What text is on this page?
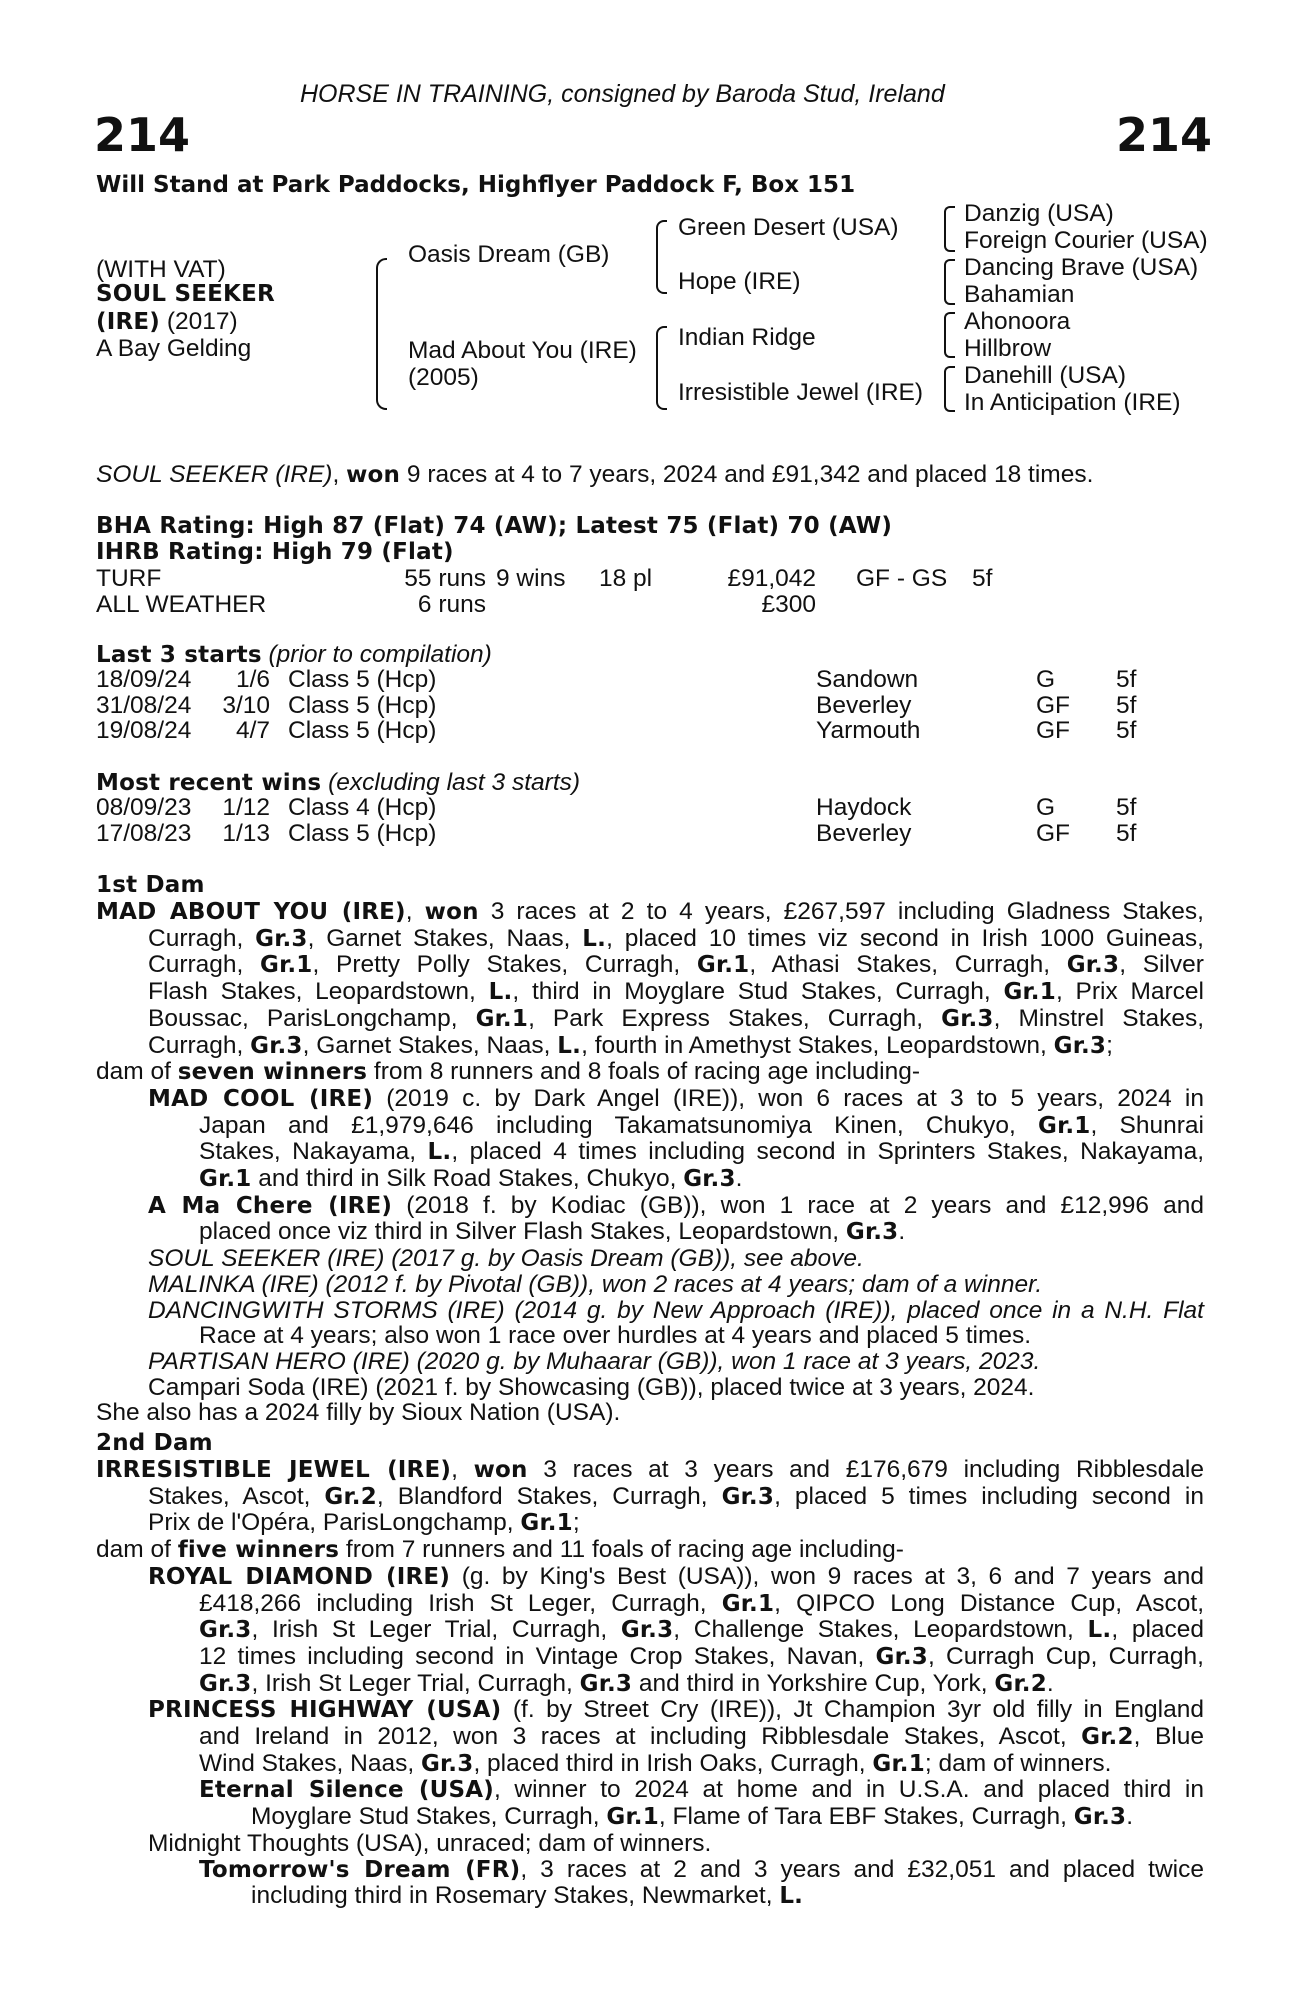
HORSE IN TRAINING, consigned by Baroda Stud, Ireland
214	214
Will Stand at Park Paddocks, Highflyer Paddock F, Box 151
(WITH VAT)
SOUL SEEKER
(IRE) (2017)
A Bay Gelding
Oasis Dream (GB)
Mad About You (IRE)
(2005)
Green Desert (USA)
Hope (IRE)
Indian Ridge
Irresistible Jewel (IRE)
Danzig (USA)
Foreign Courier (USA)
Dancing Brave (USA)
Bahamian
Ahonoora
Hillbrow
Danehill (USA)
In Anticipation (IRE)
SOUL SEEKER (IRE), won 9 races at 4 to 7 years, 2024 and £91,342 and placed 18 times.
BHA Rating: High 87 (Flat) 74 (AW); Latest 75 (Flat) 70 (AW)
IHRB Rating: High 79 (Flat)
TURF	55 runs 9 wins 18 pl	£91,042 GF - GS 5f
ALL WEATHER	6 runs	£300
Last 3 starts (prior to compilation)
18/09/24	1/6 Class 5 (Hcp)	Sandown	G 5f
31/08/24	3/10 Class 5 (Hcp)	Beverley	GF 5f
19/08/24	4/7 Class 5 (Hcp)	Yarmouth	GF 5f
Most recent wins (excluding last 3 starts)
08/09/23	1/12 Class 4 (Hcp)	Haydock	G 5f
17/08/23	1/13 Class 5 (Hcp)	Beverley	GF 5f
1st Dam
MAD ABOUT YOU (IRE), won 3 races at 2 to 4 years, £267,597 including Gladness Stakes,
Curragh, Gr.3, Garnet Stakes, Naas, L., placed 10 times viz second in Irish 1000 Guineas,
Curragh, Gr.1, Pretty Polly Stakes, Curragh, Gr.1, Athasi Stakes, Curragh, Gr.3, Silver
Flash Stakes, Leopardstown, L., third in Moyglare Stud Stakes, Curragh, Gr.1, Prix Marcel
Boussac, ParisLongchamp, Gr.1, Park Express Stakes, Curragh, Gr.3, Minstrel Stakes,
Curragh, Gr.3, Garnet Stakes, Naas, L., fourth in Amethyst Stakes, Leopardstown, Gr.3;
dam of seven winners from 8 runners and 8 foals of racing age including-
MAD COOL (IRE) (2019 c. by Dark Angel (IRE)), won 6 races at 3 to 5 years, 2024 in
Japan and £1,979,646 including Takamatsunomiya Kinen, Chukyo, Gr.1, Shunrai
Stakes, Nakayama, L., placed 4 times including second in Sprinters Stakes, Nakayama,
Gr.1 and third in Silk Road Stakes, Chukyo, Gr.3.
A Ma Chere (IRE) (2018 f. by Kodiac (GB)), won 1 race at 2 years and £12,996 and
placed once viz third in Silver Flash Stakes, Leopardstown, Gr.3.
SOUL SEEKER (IRE) (2017 g. by Oasis Dream (GB)), see above.
MALINKA (IRE) (2012 f. by Pivotal (GB)), won 2 races at 4 years; dam of a winner.
DANCINGWITH STORMS (IRE) (2014 g. by New Approach (IRE)), placed once in a N.H. Flat
Race at 4 years; also won 1 race over hurdles at 4 years and placed 5 times.
PARTISAN HERO (IRE) (2020 g. by Muhaarar (GB)), won 1 race at 3 years, 2023.
Campari Soda (IRE) (2021 f. by Showcasing (GB)), placed twice at 3 years, 2024.
She also has a 2024 filly by Sioux Nation (USA).
2nd Dam
IRRESISTIBLE JEWEL (IRE), won 3 races at 3 years and £176,679 including Ribblesdale
Stakes, Ascot, Gr.2, Blandford Stakes, Curragh, Gr.3, placed 5 times including second in
Prix de l'Opéra, ParisLongchamp, Gr.1;
dam of five winners from 7 runners and 11 foals of racing age including-
ROYAL DIAMOND (IRE) (g. by King's Best (USA)), won 9 races at 3, 6 and 7 years and
£418,266 including Irish St Leger, Curragh, Gr.1, QIPCO Long Distance Cup, Ascot,
Gr.3, Irish St Leger Trial, Curragh, Gr.3, Challenge Stakes, Leopardstown, L., placed
12 times including second in Vintage Crop Stakes, Navan, Gr.3, Curragh Cup, Curragh,
Gr.3, Irish St Leger Trial, Curragh, Gr.3 and third in Yorkshire Cup, York, Gr.2.
PRINCESS HIGHWAY (USA) (f. by Street Cry (IRE)), Jt Champion 3yr old filly in England
and Ireland in 2012, won 3 races at including Ribblesdale Stakes, Ascot, Gr.2, Blue
Wind Stakes, Naas, Gr.3, placed third in Irish Oaks, Curragh, Gr.1; dam of winners.
Eternal Silence (USA), winner to 2024 at home and in U.S.A. and placed third in
Moyglare Stud Stakes, Curragh, Gr.1, Flame of Tara EBF Stakes, Curragh, Gr.3.
Midnight Thoughts (USA), unraced; dam of winners.
Tomorrow's Dream (FR), 3 races at 2 and 3 years and £32,051 and placed twice
including third in Rosemary Stakes, Newmarket, L.
